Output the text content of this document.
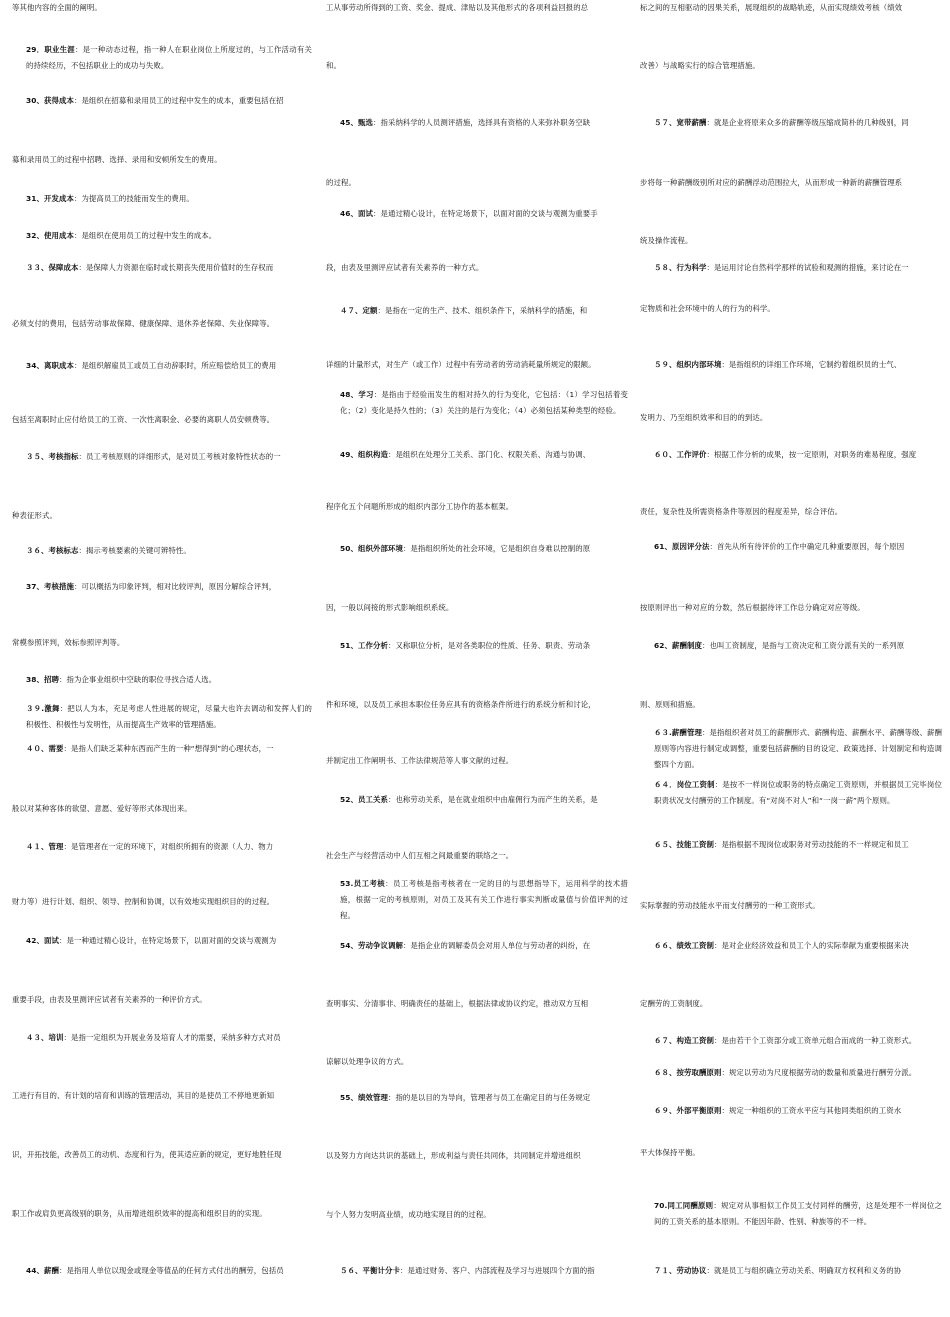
等其他内容的全面的阐明。

29．职业生涯：是一种动态过程，指一种人在职业岗位上所度过的，与工作活动有关的持续经历，不包括职业上的成功与失败。

30、获得成本：是组织在招募和录用员工的过程中发生的成本，重要包括在招

募和录用员工的过程中招聘、选择、录用和安顿所发生的费用。

31、开发成本：为提高员工的技能而发生的费用。

32、使用成本：是组织在使用员工的过程中发生的成本。

３３、保障成本：是保障人力资源在临时或长期丧失使用价值时的生存权而

必须支付的费用，包括劳动事故保障、健康保障、退休养老保障、失业保障等。

34、离职成本：是组织解雇员工或员工自动辞职时，所应赔偿给员工的费用

包括至离职时止应付给员工的工资、一次性离职金、必要的离职人员安顿费等。

３５、考核指标：员工考核原则的详细形式，是对员工考核对象特性状态的一

种表征形式。

３６、考核标志：揭示考核要素的关键可辨特性。

37、考核措施：可以概括为印象评判，相对比较评判，原因分解综合评判，

常模参照评判，效标参照评判等。

38、招聘：指为企事业组织中空缺的职位寻找合适人选。

３９.激舞：把以人为本，充足考虑人性进展的规定，尽量大也许去调动和发挥人们的积极性、积极性与发明性，从而提高生产效率的管理措施。

４０、需要：是指人们缺乏某种东西而产生的一种“想得到”的心理状态，一

般以对某种客体的欲望、意愿、爱好等形式体现出来。

４１、管理：是管理者在一定的环境下，对组织所拥有的资源（人力、物力

财力等）进行计划、组织、领导、控制和协调，以有效地实现组织目的的过程。

42、面试：是一种通过精心设计，在特定场景下，以面对面的交谈与观测为

重要手段，由表及里测评应试者有关素养的一种评价方式。

４３、培训：是指一定组织为开展业务及培育人才的需要，采纳多种方式对员

工进行有目的、有计划的培育和训练的管理活动，其目的是使员工不停地更新知

识，开拓技能，改善员工的动机、态度和行为，使其适应新的规定，更好地胜任现

职工作或肩负更高级别的职务，从而增进组织效率的提高和组织目的的实现。

44、薪酬：是指用人单位以现金或现金等值品的任何方式付出的酬劳，包括员

工从事劳动所得到的工资、奖金、提成、津贴以及其他形式的各项利益回报的总

和。

45、甄选：指采纳科学的人员测评措施，选择具有资格的人来弥补职务空缺

的过程。

46、面试：是通过精心设计，在特定场景下，以面对面的交谈与观测为重要手

段，由表及里测评应试者有关素养的一种方式。

４７、定额：是指在一定的生产、技术、组织条件下，采纳科学的措施，和

详细的计量形式，对生产（或工作）过程中有劳动者的劳动消耗量所规定的限额。

48、学习：是指由于经验而发生的相对持久的行为变化，它包括：（1）学习包括着变化；（2）变化是持久性的；（3）关注的是行为变化；（4）必须包括某种类型的经验。

49、组织构造：是组织在处理分工关系、部门化、权限关系、沟通与协调、

程序化五个问题所形成的组织内部分工协作的基本框架。

50、组织外部环境：是指组织所处的社会环境，它是组织自身难以控制的原

因，一般以间接的形式影响组织系统。

51、工作分析：又称职位分析，是对各类职位的性质、任务、职责、劳动条

件和环境，以及员工承担本职位任务应具有的资格条件所进行的系统分析和讨论，

并制定出工作阐明书、工作法律规范等人事文献的过程。

52、员工关系：也称劳动关系，是在就业组织中由雇佣行为而产生的关系，是

社会生产与经营活动中人们互相之间最重要的联络之一。

53.员工考核：员工考核是指考核者在一定的目的与思想指导下，运用科学的技术措施，根据一定的考核原则，对员工及其有关工作进行事实判断或量值与价值评判的过程。

54、劳动争议调解：是指企业的调解委员会对用人单位与劳动者的纠纷，在

查明事实、分清事非、明确责任的基础上，根据法律或协议约定，推动双方互相

谅解以处理争议的方式。

55、绩效管理：指的是以目的为导向，管理者与员工在确定目的与任务规定

以及努力方向达共识的基础上，形成利益与责任共同体，共同制定并增进组织

与个人努力发明高业绩，成功地实现目的的过程。

５６、平衡计分卡：是通过财务、客户、内部流程及学习与进展四个方面的指

标之间的互相驱动的因果关系，展现组织的战略轨迹，从而实现绩效考核（绩效

改善）与战略实行的综合管理措施。

５７、宽带薪酬：就是企业将原来众多的薪酬等级压缩成简朴的几种级别，同

步将每一种薪酬级别所对应的薪酬浮动范围拉大，从而形成一种新的薪酬管理系

统及操作流程。

５８、行为科学：是运用讨论自然科学那样的试验和观测的措施，来讨论在一

定物质和社会环境中的人的行为的科学。

５９、组织内部环境：是指组织的详细工作环境，它制约着组织员的士气、

发明力、乃至组织效率和目的的到达。

６０、工作评价：根据工作分析的成果，按一定原则，对职务的难易程度，强度

责任，复杂性及所需资格条件等原因的程度差异，综合评估。

61、原因评分法：首先从所有待评价的工作中确定几种重要原因，每个原因

按原则评出一种对应的分数，然后根据待评工作总分确定对应等级。

62、薪酬制度：也叫工资制度，是指与工资决定和工资分派有关的一系列原

则、原则和措施。

６３.薪酬管理：是指组织者对员工的薪酬形式、薪酬构造、薪酬水平、薪酬等级、薪酬原则等内容进行制定或调整，重要包括薪酬的目的设定、政策选择、计划制定和构造调整四个方面。

６４．岗位工资制：是按不一样岗位或职务的特点确定工资原则，并根据员工完毕岗位职责状况支付酬劳的工作制度。有“对岗不对人”和“一岗一薪”两个原则。

６５、技能工资制：是指根据不现岗位或职务对劳动技能的不一样规定和员工

实际掌握的劳动技能水平而支付酬劳的一种工资形式。

６６、绩效工资制：是对企业经济效益和员工个人的实际奉献为重要根据来决

定酬劳的工资制度。

６７、构造工资制：是由若干个工资部分或工资单元组合而成的一种工资形式。

６８、按劳取酬原则：规定以劳动为尺度根据劳动的数量和质量进行酬劳分派。

６９、外部平衡原则：规定一种组织的工资水平应与其他同类组织的工资水

平大体保持平衡。

70.同工同酬原则：规定对从事相似工作员工支付同样的酬劳，这是处理不一样岗位之间的工资关系的基本原则。不能因年龄、性别、种族等的不一样。

７１、劳动协议：就是员工与组织确立劳动关系、明确双方权利和义务的协
